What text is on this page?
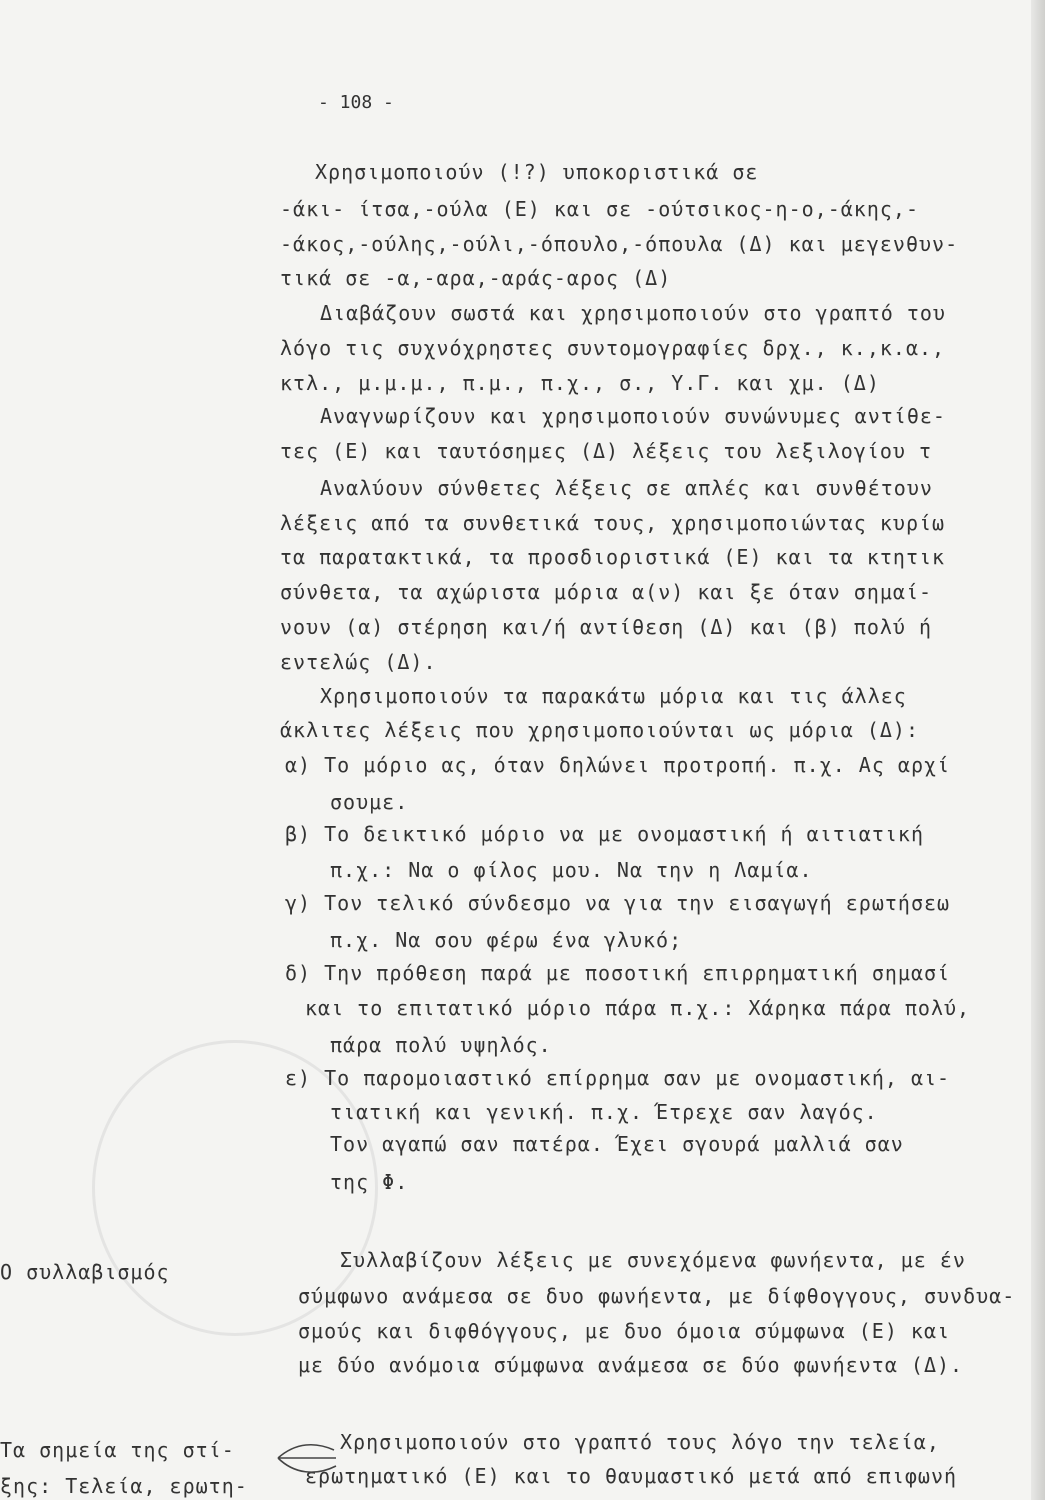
- 108 -
Ο συλλαβισμός
Τα σημεία της στί-
ξης: Τελεία, ερωτη-
Χρησιμοποιούν (!?) υποκοριστικά σε
-άκι- ίτσα,-ούλα (Ε) και σε -ούτσικος-η-ο,-άκης,-
-άκος,-ούλης,-ούλι,-όπουλο,-όπουλα (Δ) και μεγενθυν-
τικά σε -α,-αρα,-αράς-αρος (Δ)
Διαβάζουν σωστά και χρησιμοποιούν στο γραπτό του
λόγο τις συχνόχρηστες συντομογραφίες δρχ., κ.,κ.α.,
κτλ., μ.μ.μ., π.μ., π.χ., σ., Υ.Γ. και χμ. (Δ)
Αναγνωρίζουν και χρησιμοποιούν συνώνυμες αντίθε-
τες (Ε) και ταυτόσημες (Δ) λέξεις του λεξιλογίου τ
Αναλύουν σύνθετες λέξεις σε απλές και συνθέτουν
λέξεις από τα συνθετικά τους, χρησιμοποιώντας κυρίω
τα παρατακτικά, τα προσδιοριστικά (Ε) και τα κτητικ
σύνθετα, τα αχώριστα μόρια α(ν) και ξε όταν σημαί-
νουν (α) στέρηση και/ή αντίθεση (Δ) και (β) πολύ ή
εντελώς (Δ).
Χρησιμοποιούν τα παρακάτω μόρια και τις άλλες
άκλιτες λέξεις που χρησιμοποιούνται ως μόρια (Δ):
α) Το μόριο ας, όταν δηλώνει προτροπή. π.χ. Ας αρχί
σουμε.
β) Το δεικτικό μόριο να με ονομαστική ή αιτιατική
π.χ.: Να ο φίλος μου. Να την η Λαμία.
γ) Τον τελικό σύνδεσμο να για την εισαγωγή ερωτήσεω
π.χ. Να σου φέρω ένα γλυκό;
δ) Την πρόθεση παρά με ποσοτική επιρρηματική σημασί
και το επιτατικό μόριο πάρα π.χ.: Χάρηκα πάρα πολύ,
πάρα πολύ υψηλός.
ε) Το παρομοιαστικό επίρρημα σαν με ονομαστική, αι-
τιατική και γενική. π.χ. Έτρεχε σαν λαγός.
Τον αγαπώ σαν πατέρα. Έχει σγουρά μαλλιά σαν
της Φ.
Συλλαβίζουν λέξεις με συνεχόμενα φωνήεντα, με έν
σύμφωνο ανάμεσα σε δυο φωνήεντα, με δίφθογγους, συνδυα-
σμούς και διφθόγγους, με δυο όμοια σύμφωνα (Ε) και
με δύο ανόμοια σύμφωνα ανάμεσα σε δύο φωνήεντα (Δ).
Χρησιμοποιούν στο γραπτό τους λόγο την τελεία,
ερωτηματικό (Ε) και το θαυμαστικό μετά από επιφωνή
